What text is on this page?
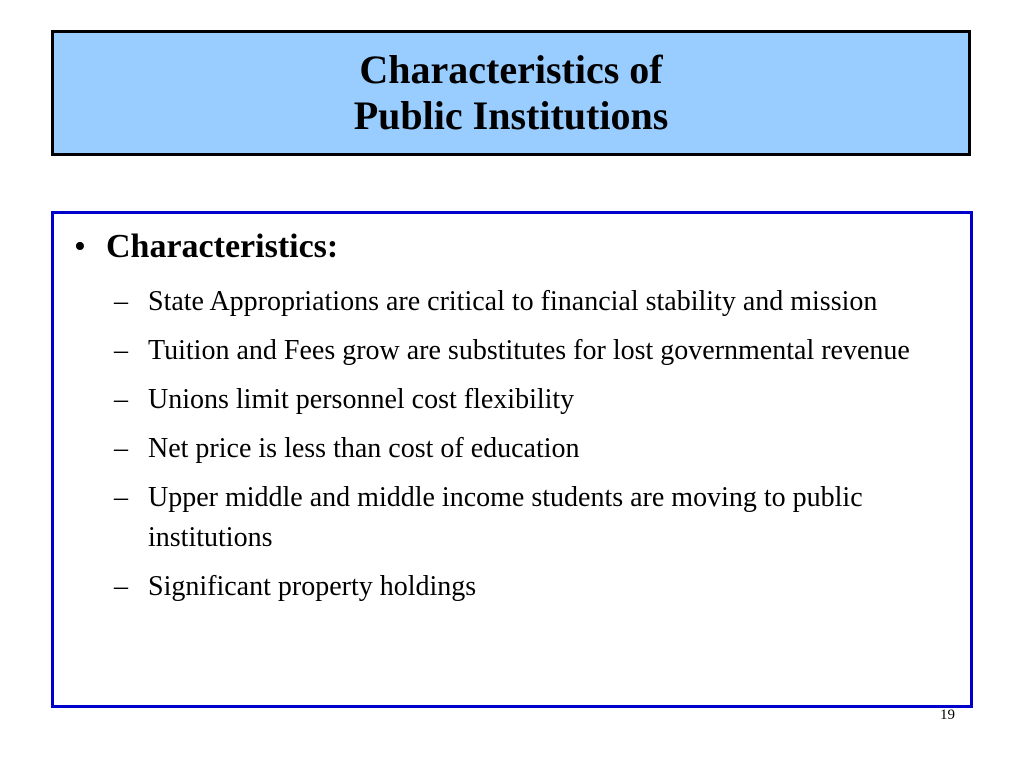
Characteristics of
Public Institutions
• Characteristics:
– State Appropriations are critical to financial stability and mission
– Tuition and Fees grow are substitutes for lost governmental revenue
– Unions limit personnel cost flexibility
– Net price is less than cost of education
– Upper middle and middle income students are moving to public institutions
– Significant property holdings
19
